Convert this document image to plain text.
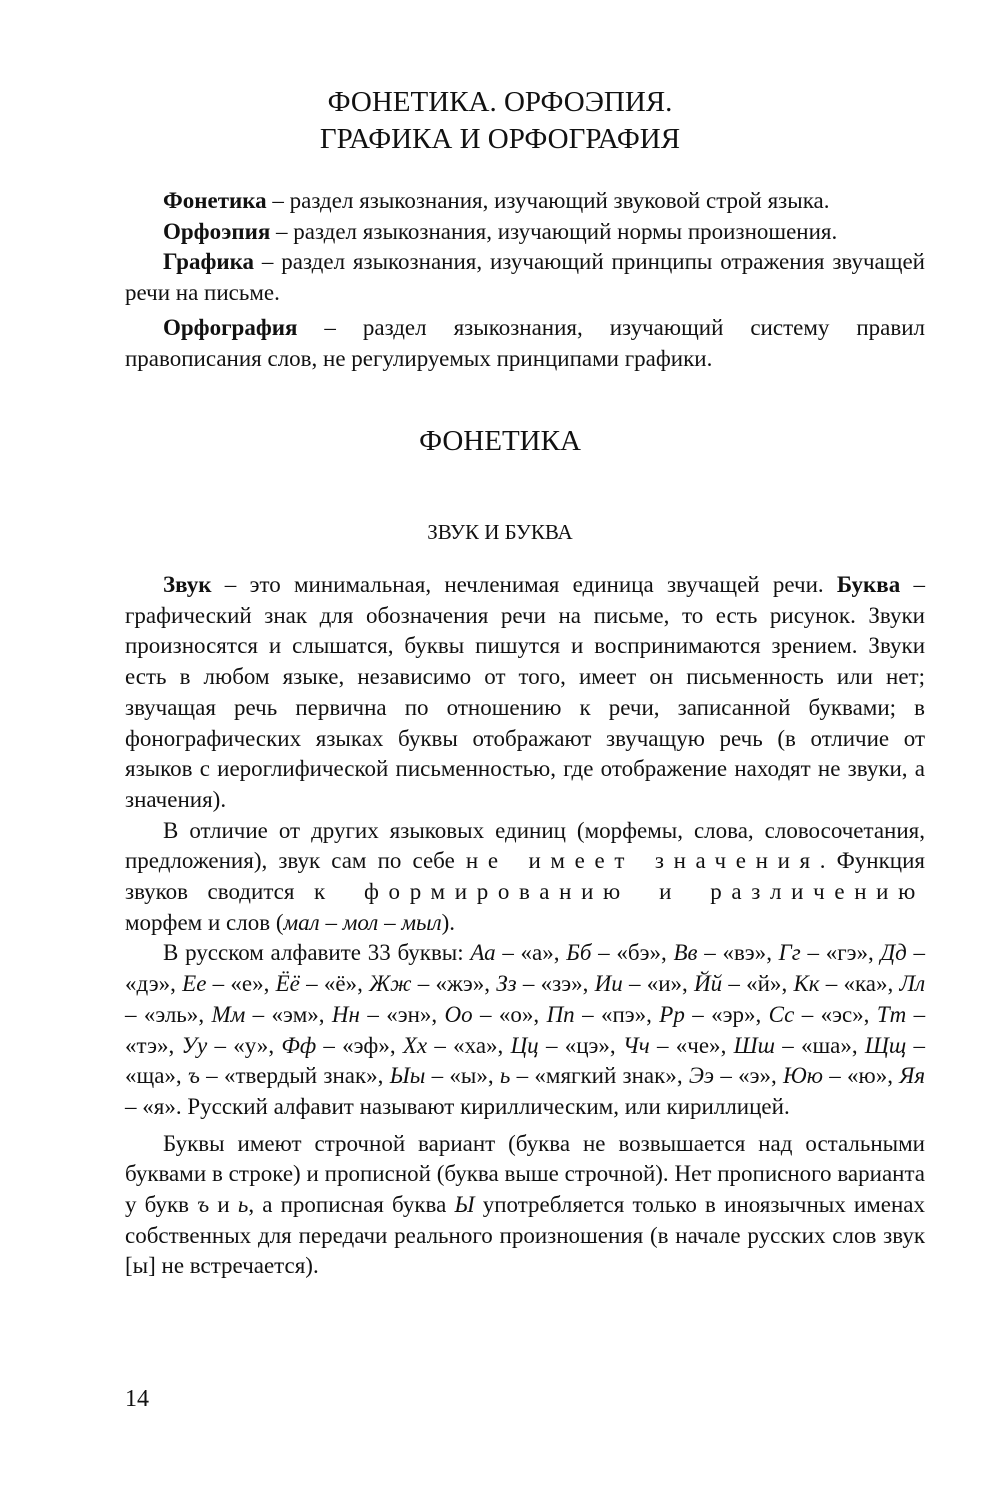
ФОНЕТИКА. ОРФОЭПИЯ.
ГРАФИКА И ОРФОГРАФИЯ

Фонетика – раздел языкознания, изучающий звуковой строй языка.

Орфоэпия – раздел языкознания, изучающий нормы произношения.

Графика – раздел языкознания, изучающий принципы отражения звучащей речи на письме.

Орфография – раздел языкознания, изучающий систему правил правописания слов, не регулируемых принципами графики.

ФОНЕТИКА
ЗВУК И БУКВА

Звук – это минимальная, нечленимая единица звучащей речи. Буква – графический знак для обозначения речи на письме, то есть рисунок. Звуки произносятся и слышатся, буквы пишутся и воспринимаются зрением. Звуки есть в любом языке, независимо от того, имеет он письменность или нет; звучащая речь первична по отношению к речи, записанной буквами; в фонографических языках буквы отображают звучащую речь (в отличие от языков с иероглифической письменностью, где отображение находят не звуки, а значения).

В отличие от других языковых единиц (морфемы, слова, словосочетания, предложения), звук сам по себе не имеет значения. Функция звуков сводится к формированию и различению морфем и слов (мал – мол – мыл).

В русском алфавите 33 буквы: Аа – «а», Бб – «бэ», Вв – «вэ», Гг – «гэ», Дд – «дэ», Ее – «е», Ёё – «ё», Жж – «жэ», Зз – «зэ», Ии – «и», Йй – «й», Кк – «ка», Лл – «эль», Мм – «эм», Нн – «эн», Оо – «о», Пп – «пэ», Рр – «эр», Сс – «эс», Тт – «тэ», Уу – «у», Фф – «эф», Хх – «ха», Цц – «цэ», Чч – «че», Шш – «ша», Щщ – «ща», ъ – «твердый знак», Ыы – «ы», ь – «мягкий знак», Ээ – «э», Юю – «ю», Яя – «я». Русский алфавит называют кириллическим, или кириллицей.

Буквы имеют строчной вариант (буква не возвышается над остальными буквами в строке) и прописной (буква выше строчной). Нет прописного варианта у букв ъ и ь, а прописная буква Ы употребляется только в иноязычных именах собственных для передачи реального произношения (в начале русских слов звук [ы] не встречается).

14
